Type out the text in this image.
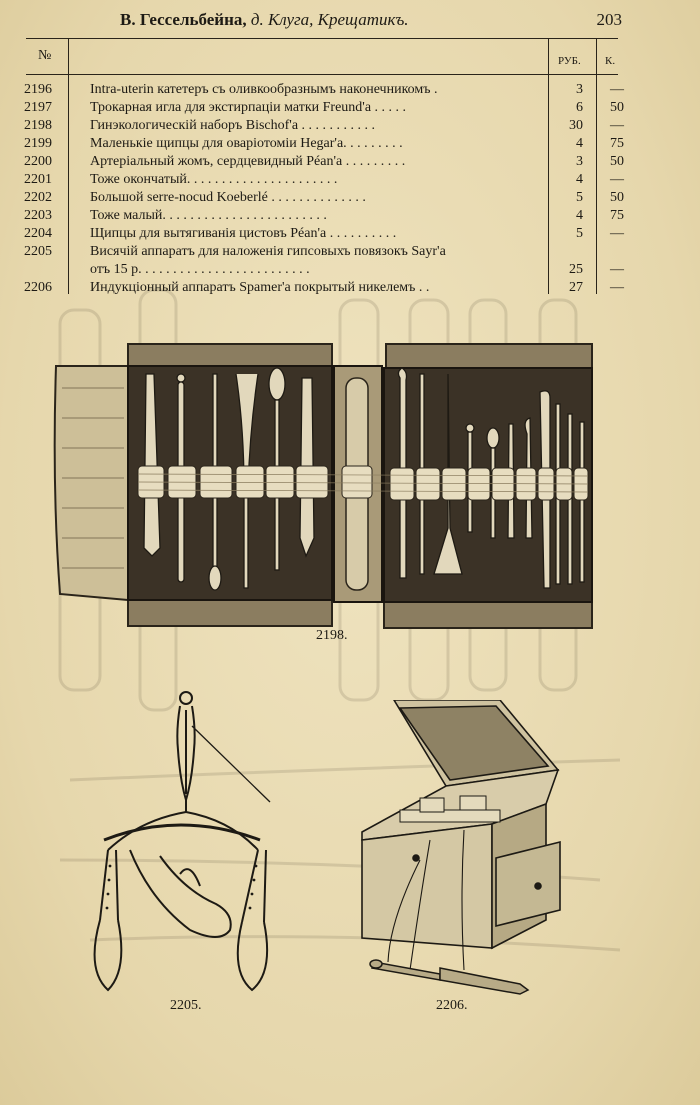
В. Гессельбейна, д. Клуга, Крещатикъ.	203
№	РУБ. К.
2196	Intra-uterin катетеръ съ оливкообразнымъ наконечникомъ .	3	—
2197	Трокарная игла для экстирпаціи матки Freund'a . . . . .	6	50
2198	Гинэкологическій наборъ Bischof'a . . . . . . . . . . .	30	—
2199	Маленькіе щипцы для оваріотоміи Hegar'a. . . . . . . . .	4	75
2200	Артеріальный жомъ, сердцевидный Péan'a . . . . . . . . .	3	50
2201	Тоже окончатый. . . . . . . . . . . . . . . . . . . . . .	4	—
2202	Большой serre-nocud Koeberlé . . . . . . . . . . . . . .	5	50
2203	Тоже малый. . . . . . . . . . . . . . . . . . . . . . . .	4	75
2204	Щипцы для вытягиванія цистовъ Péan'a . . . . . . . . . .	5	—
2205	Висячій аппаратъ для наложенія гипсовыхъ повязокъ Sayr'a
отъ 15 р. . . . . . . . . . . . . . . . . . . . . . . . .	25	—
2206	Индукціонный аппаратъ Spamer'a покрытый никелемъ . .	27	—
2198.
2205.	2206.
